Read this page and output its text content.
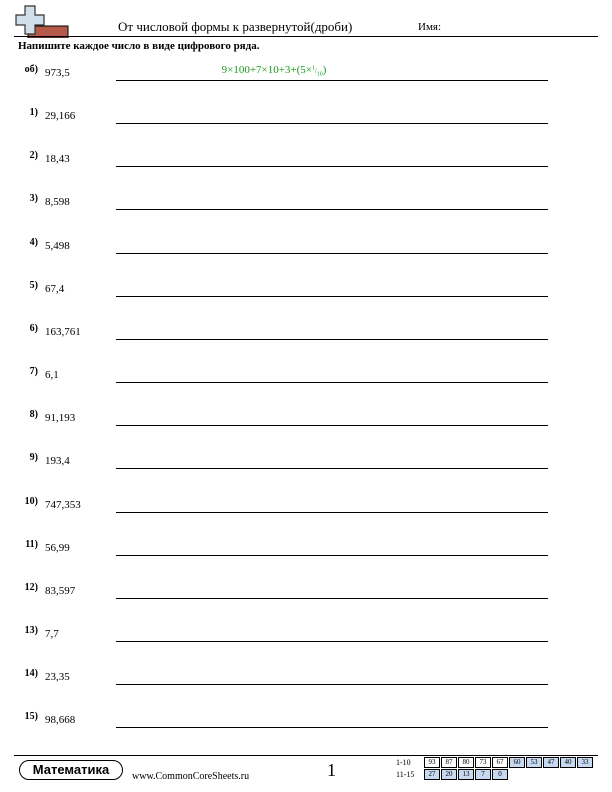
От числовой формы к развернутой(дроби)	Имя:
Напишите каждое число в виде цифрового ряда.
об) 973,5	$9\times 100+7\times 10+3+(5\times^1/_{10})$
1) 29,166
2) 18,43
3) 8,598
4) 5,498
5) 67,4
6) 163,761
7) 6,1
8) 91,193
9) 193,4
10) 747,353
11) 56,99
12) 83,597
13) 7,7
14) 23,35
15) 98,668
Математика	www.CommonCoreSheets.ru	1	1-10	93	87	80	73	67	60	53	47	40	33
11-15	27	20	13	7	0
